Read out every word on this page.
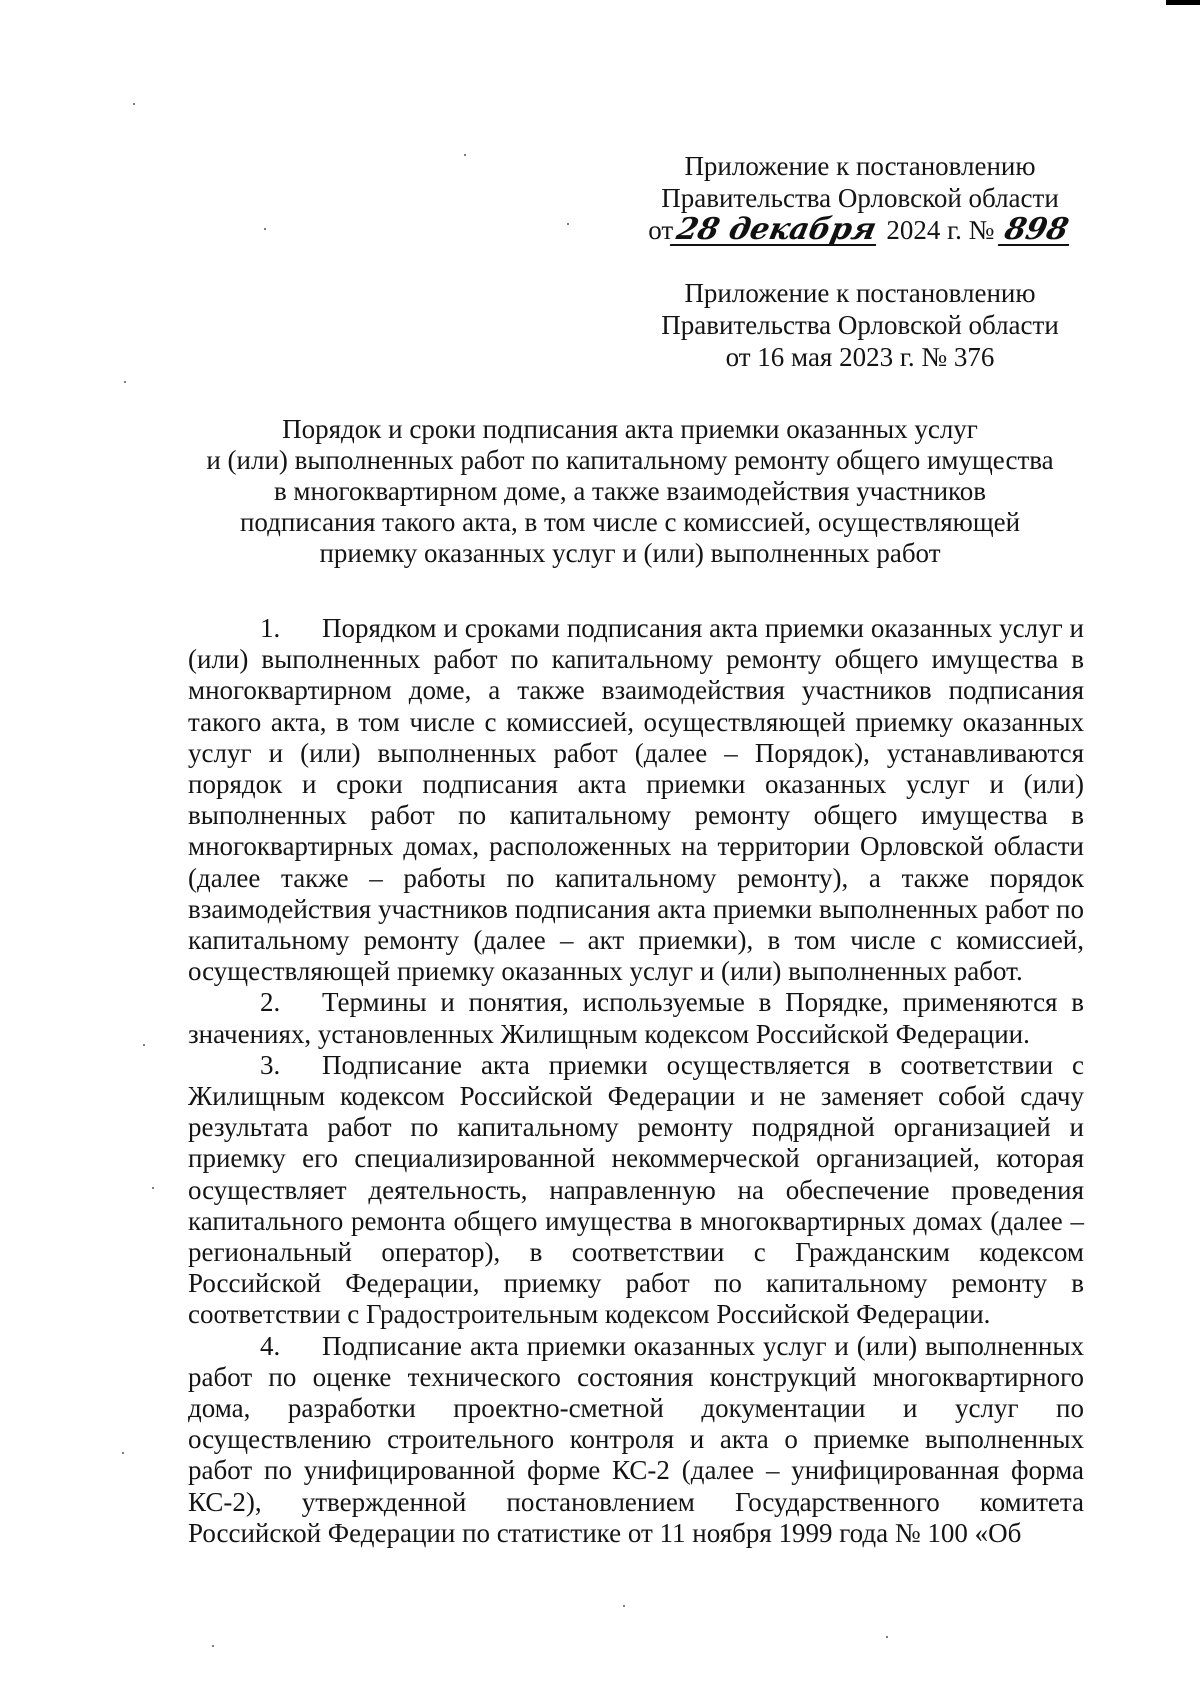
Приложение к постановлению
Правительства Орловской области
от28 декабря 2024 г. № 898
Приложение к постановлению
Правительства Орловской области
от 16 мая 2023 г. № 376
Порядок и сроки подписания акта приемки оказанных услуг
и (или) выполненных работ по капитальному ремонту общего имущества
в многоквартирном доме, а также взаимодействия участников
подписания такого акта, в том числе с комиссией, осуществляющей
приемку оказанных услуг и (или) выполненных работ

1. Порядком и сроками подписания акта приемки оказанных услуг и (или) выполненных работ по капитальному ремонту общего имущества в многоквартирном доме, а также взаимодействия участников подписания такого акта, в том числе с комиссией, осуществляющей приемку оказанных услуг и (или) выполненных работ (далее – Порядок), устанавливаются порядок и сроки подписания акта приемки оказанных услуг и (или) выполненных работ по капитальному ремонту общего имущества в многоквартирных домах, расположенных на территории Орловской области (далее также – работы по капитальному ремонту), а также порядок взаимодействия участников подписания акта приемки выполненных работ по капитальному ремонту (далее – акт приемки), в том числе с комиссией, осуществляющей приемку оказанных услуг и (или) выполненных работ.

2. Термины и понятия, используемые в Порядке, применяются в значениях, установленных Жилищным кодексом Российской Федерации.

3. Подписание акта приемки осуществляется в соответствии с Жилищным кодексом Российской Федерации и не заменяет собой сдачу результата работ по капитальному ремонту подрядной организацией и приемку его специализированной некоммерческой организацией, которая осуществляет деятельность, направленную на обеспечение проведения капитального ремонта общего имущества в многоквартирных домах (далее – региональный оператор), в соответствии с Гражданским кодексом Российской Федерации, приемку работ по капитальному ремонту в соответствии с Градостроительным кодексом Российской Федерации.

4. Подписание акта приемки оказанных услуг и (или) выполненных работ по оценке технического состояния конструкций многоквартирного дома, разработки проектно-сметной документации и услуг по осуществлению строительного контроля и акта о приемке выполненных работ по унифицированной форме КС-2 (далее – унифицированная форма КС-2), утвержденной постановлением Государственного комитета Российской Федерации по статистике от 11 ноября 1999 года № 100 «Об
